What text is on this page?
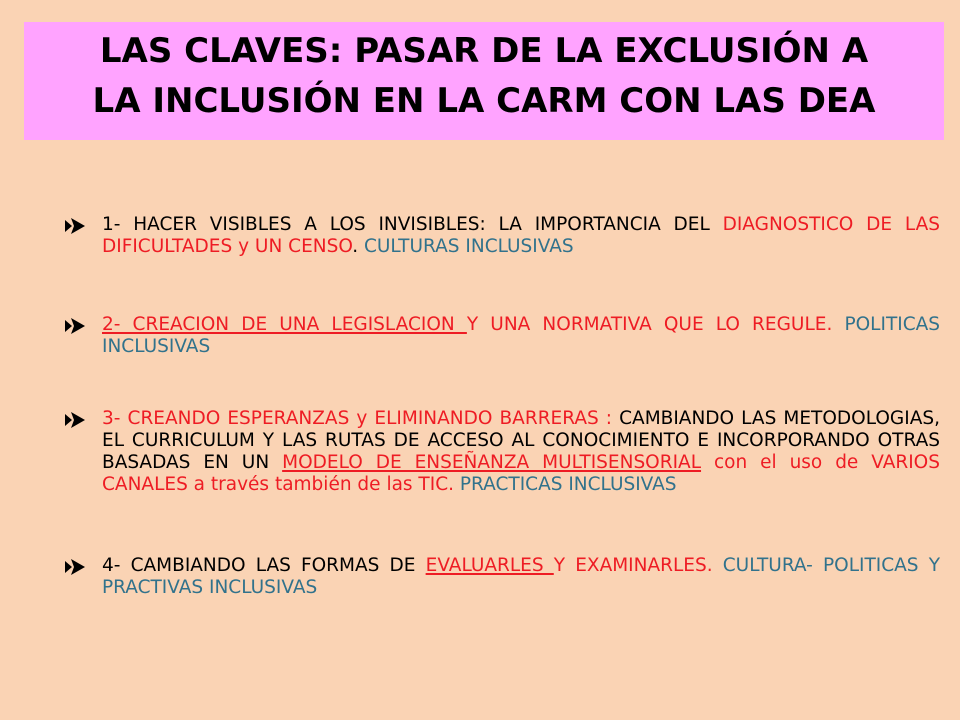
LAS CLAVES: PASAR DE LA EXCLUSIÓN A
LA INCLUSIÓN EN LA CARM CON LAS DEA
1- HACER VISIBLES A LOS INVISIBLES: LA IMPORTANCIA DEL DIAGNOSTICO DE LAS DIFICULTADES y UN CENSO. CULTURAS INCLUSIVAS
2- CREACION DE UNA LEGISLACION Y UNA NORMATIVA QUE LO REGULE. POLITICAS INCLUSIVAS
3- CREANDO ESPERANZAS y ELIMINANDO BARRERAS : CAMBIANDO LAS METODOLOGIAS, EL CURRICULUM Y LAS RUTAS DE ACCESO AL CONOCIMIENTO E INCORPORANDO OTRAS BASADAS EN UN MODELO DE ENSEÑANZA MULTISENSORIAL con el uso de VARIOS CANALES a través también de las TIC. PRACTICAS INCLUSIVAS
4- CAMBIANDO LAS FORMAS DE EVALUARLES Y EXAMINARLES. CULTURA- POLITICAS Y PRACTIVAS INCLUSIVAS
